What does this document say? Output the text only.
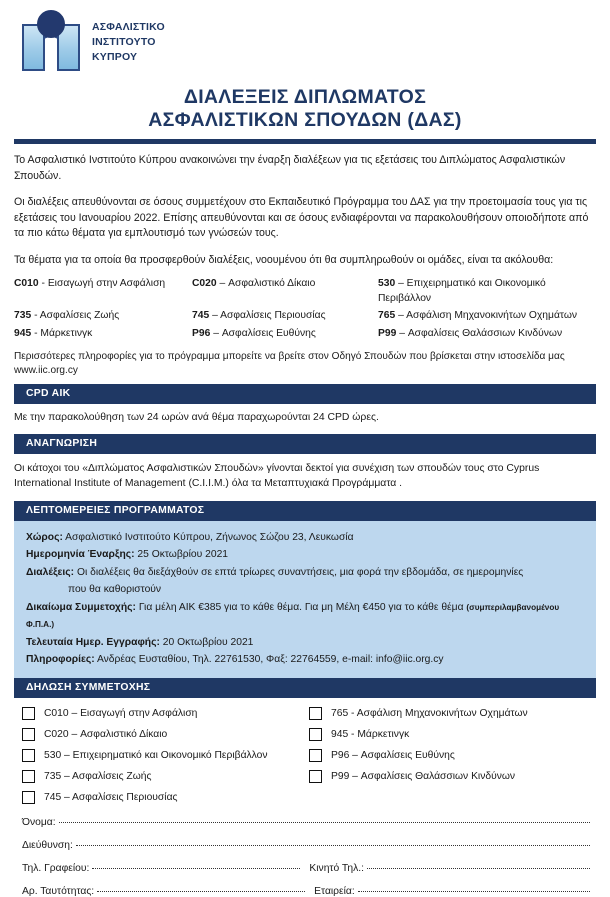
ΑΣΦΑΛΙΣΤΙΚΟ
ΙΝΣΤΙΤΟΥΤΟ
ΚΥΠΡΟΥ
ΔΙΑΛΕΞΕΙΣ ΔΙΠΛΩΜΑΤΟΣ
ΑΣΦΑΛΙΣΤΙΚΩΝ ΣΠΟΥΔΩΝ (ΔΑΣ)

Το Ασφαλιστικό Ινστιτούτο Κύπρου ανακοινώνει την έναρξη διαλέξεων για τις εξετάσεις του Διπλώματος Ασφαλιστικών Σπουδών.

Οι διαλέξεις απευθύνονται σε όσους συμμετέχουν στο Εκπαιδευτικό Πρόγραμμα του ΔΑΣ για την προετοιμασία τους για τις εξετάσεις του Ιανουαρίου 2022. Επίσης απευθύνονται και σε όσους ενδιαφέρονται να παρακολουθήσουν οποιοδήποτε από τα πιο κάτω θέματα για εμπλουτισμό των γνώσεών τους.

Τα θέματα για τα οποία θα προσφερθούν διαλέξεις, νοουμένου ότι θα συμπληρωθούν οι ομάδες, είναι τα ακόλουθα:

C010 - Εισαγωγή στην Ασφάλιση	C020 – Ασφαλιστικό Δίκαιο	530 – Επιχειρηματικό και Οικονομικό Περιβάλλον
735 - Ασφαλίσεις Ζωής	745 – Ασφαλίσεις Περιουσίας	765 – Ασφάλιση Μηχανοκινήτων Οχημάτων
945 - Μάρκετινγκ	P96 – Ασφαλίσεις Ευθύνης	P99 – Ασφαλίσεις Θαλάσσιων Κινδύνων

Περισσότερες πληροφορίες για το πρόγραμμα μπορείτε να βρείτε στον Οδηγό Σπουδών που βρίσκεται στην ιστοσελίδα μας www.iic.org.cy

CPD AIK
Με την παρακολούθηση των 24 ωρών ανά θέμα παραχωρούνται 24 CPD ώρες.
ΑΝΑΓΝΩΡΙΣΗ
Οι κάτοχοι του «Διπλώματος Ασφαλιστικών Σπουδών» γίνονται δεκτοί για συνέχιση των σπουδών τους στο Cyprus International Institute of Management (C.I.I.M.) όλα τα Μεταπτυχιακά Προγράμματα .
ΛΕΠΤΟΜΕΡΕΙΕΣ ΠΡΟΓΡΑΜΜΑΤΟΣ
Χώρος: Ασφαλιστικό Ινστιτούτο Κύπρου, Ζήνωνος Σώζου 23, Λευκωσία
Ημερομηνία Έναρξης: 25 Οκτωβρίου 2021
Διαλέξεις: Οι διαλέξεις θα διεξάχθούν σε επτά τρίωρες συναντήσεις, μια φορά την εβδομάδα, σε ημερομηνίες
που θα καθοριστούν
Δικαίωμα Συμμετοχής: Για μέλη ΑΙΚ €385 για το κάθε θέμα. Για μη Μέλη €450 για το κάθε θέμα (συμπεριλαμβανομένου Φ.Π.Α.)
Τελευταία Ημερ. Εγγραφής: 20 Οκτωβρίου 2021
Πληροφορίες: Ανδρέας Ευσταθίου, Τηλ. 22761530, Φαξ: 22764559, e-mail: info@iic.org.cy
ΔΗΛΩΣΗ ΣΥΜΜΕΤΟΧΗΣ
C010 – Εισαγωγή στην Ασφάλιση
C020 – Ασφαλιστικό Δίκαιο
530 – Επιχειρηματικό και Οικονομικό Περιβάλλον
735 – Ασφαλίσεις Ζωής
745 – Ασφαλίσεις Περιουσίας
765 - Ασφάλιση Μηχανοκινήτων Οχημάτων
945 - Μάρκετινγκ
P96 – Ασφαλίσεις Ευθύνης
P99 – Ασφαλίσεις Θαλάσσιων Κινδύνων
Όνομα:
Διεύθυνση:
Τηλ. Γραφείου:	Κινητό Τηλ.:
Αρ. Ταυτότητας:	Εταιρεία:
